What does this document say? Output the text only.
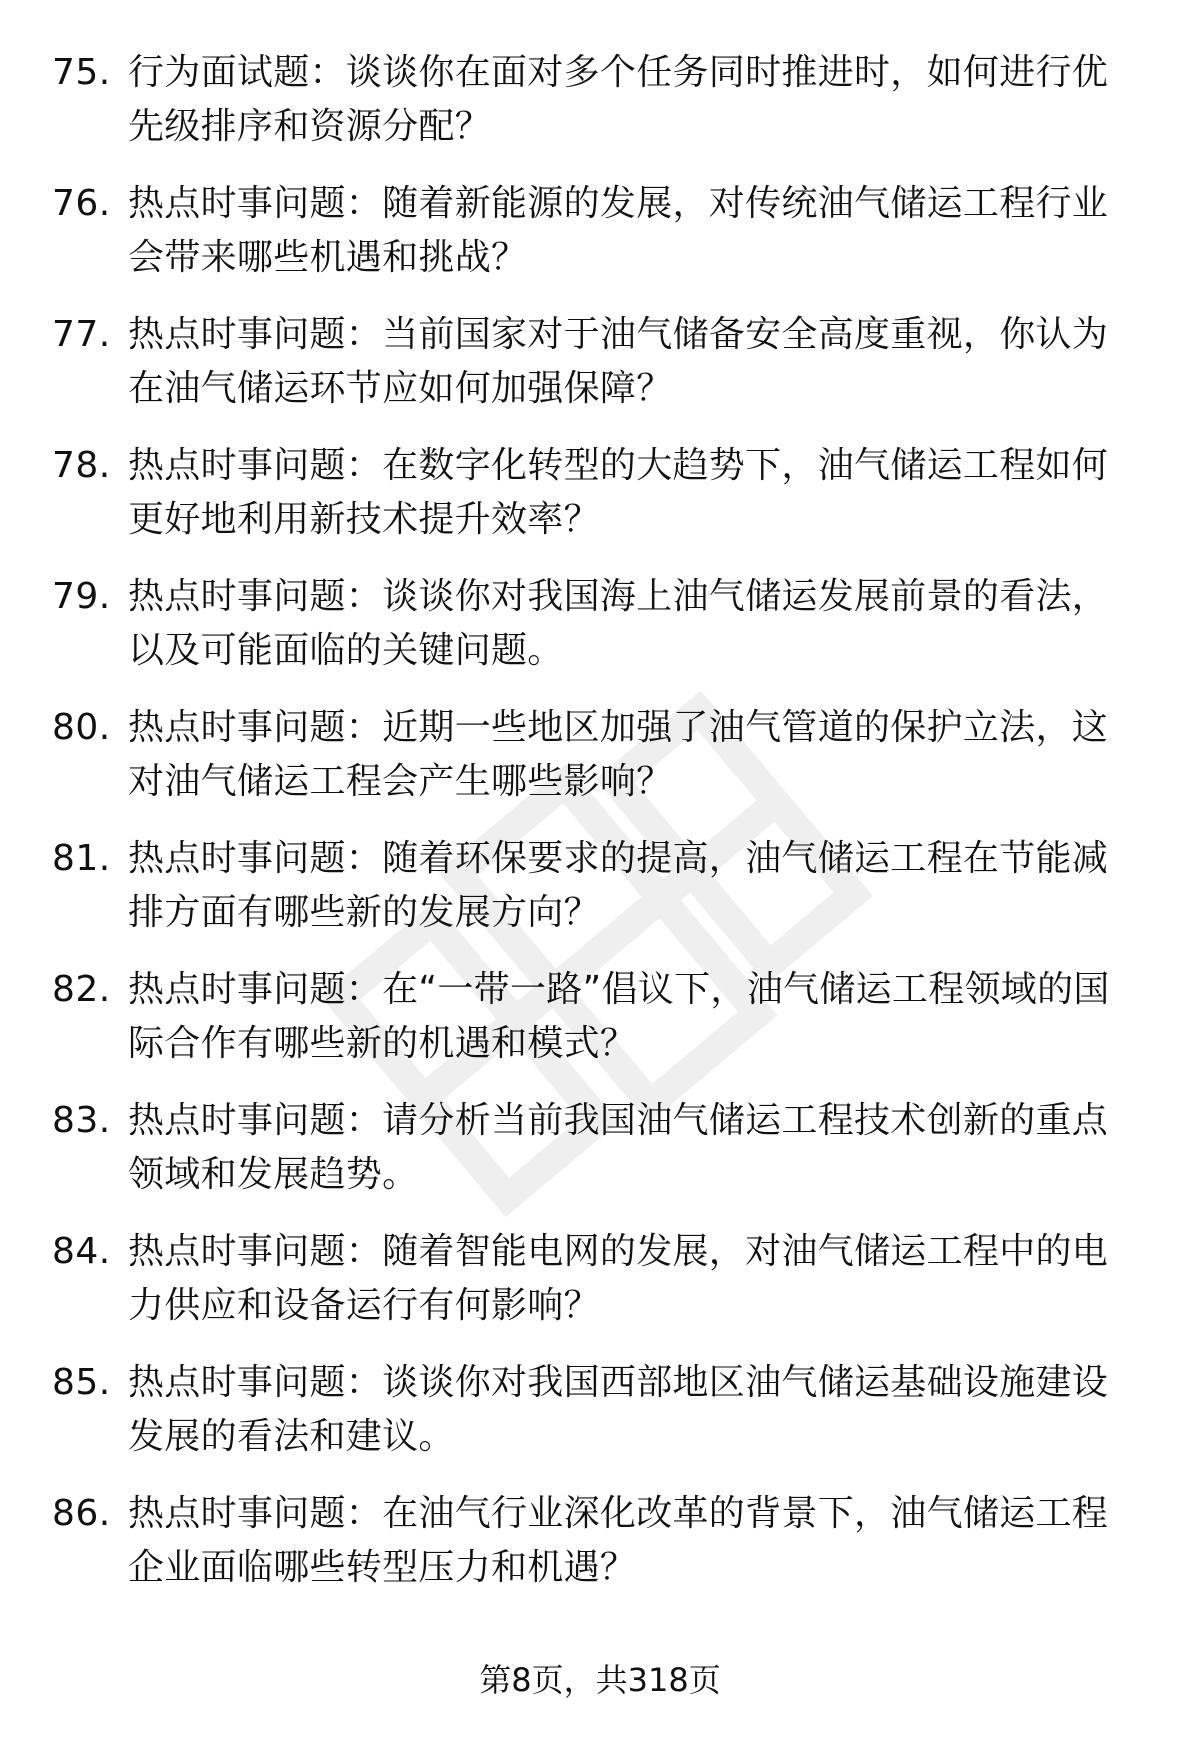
75. 行为面试题：谈谈你在面对多个任务同时推进时，如何进行优先级排序和资源分配？
76. 热点时事问题：随着新能源的发展，对传统油气储运工程行业会带来哪些机遇和挑战？
77. 热点时事问题：当前国家对于油气储备安全高度重视，你认为在油气储运环节应如何加强保障？
78. 热点时事问题：在数字化转型的大趋势下，油气储运工程如何更好地利用新技术提升效率？
79. 热点时事问题：谈谈你对我国海上油气储运发展前景的看法，以及可能面临的关键问题。
80. 热点时事问题：近期一些地区加强了油气管道的保护立法，这对油气储运工程会产生哪些影响？
81. 热点时事问题：随着环保要求的提高，油气储运工程在节能减排方面有哪些新的发展方向？
82. 热点时事问题：在“一带一路”倡议下，油气储运工程领域的国际合作有哪些新的机遇和模式？
83. 热点时事问题：请分析当前我国油气储运工程技术创新的重点领域和发展趋势。
84. 热点时事问题：随着智能电网的发展，对油气储运工程中的电力供应和设备运行有何影响？
85. 热点时事问题：谈谈你对我国西部地区油气储运基础设施建设发展的看法和建议。
86. 热点时事问题：在油气行业深化改革的背景下，油气储运工程企业面临哪些转型压力和机遇？
第8页，共318页
